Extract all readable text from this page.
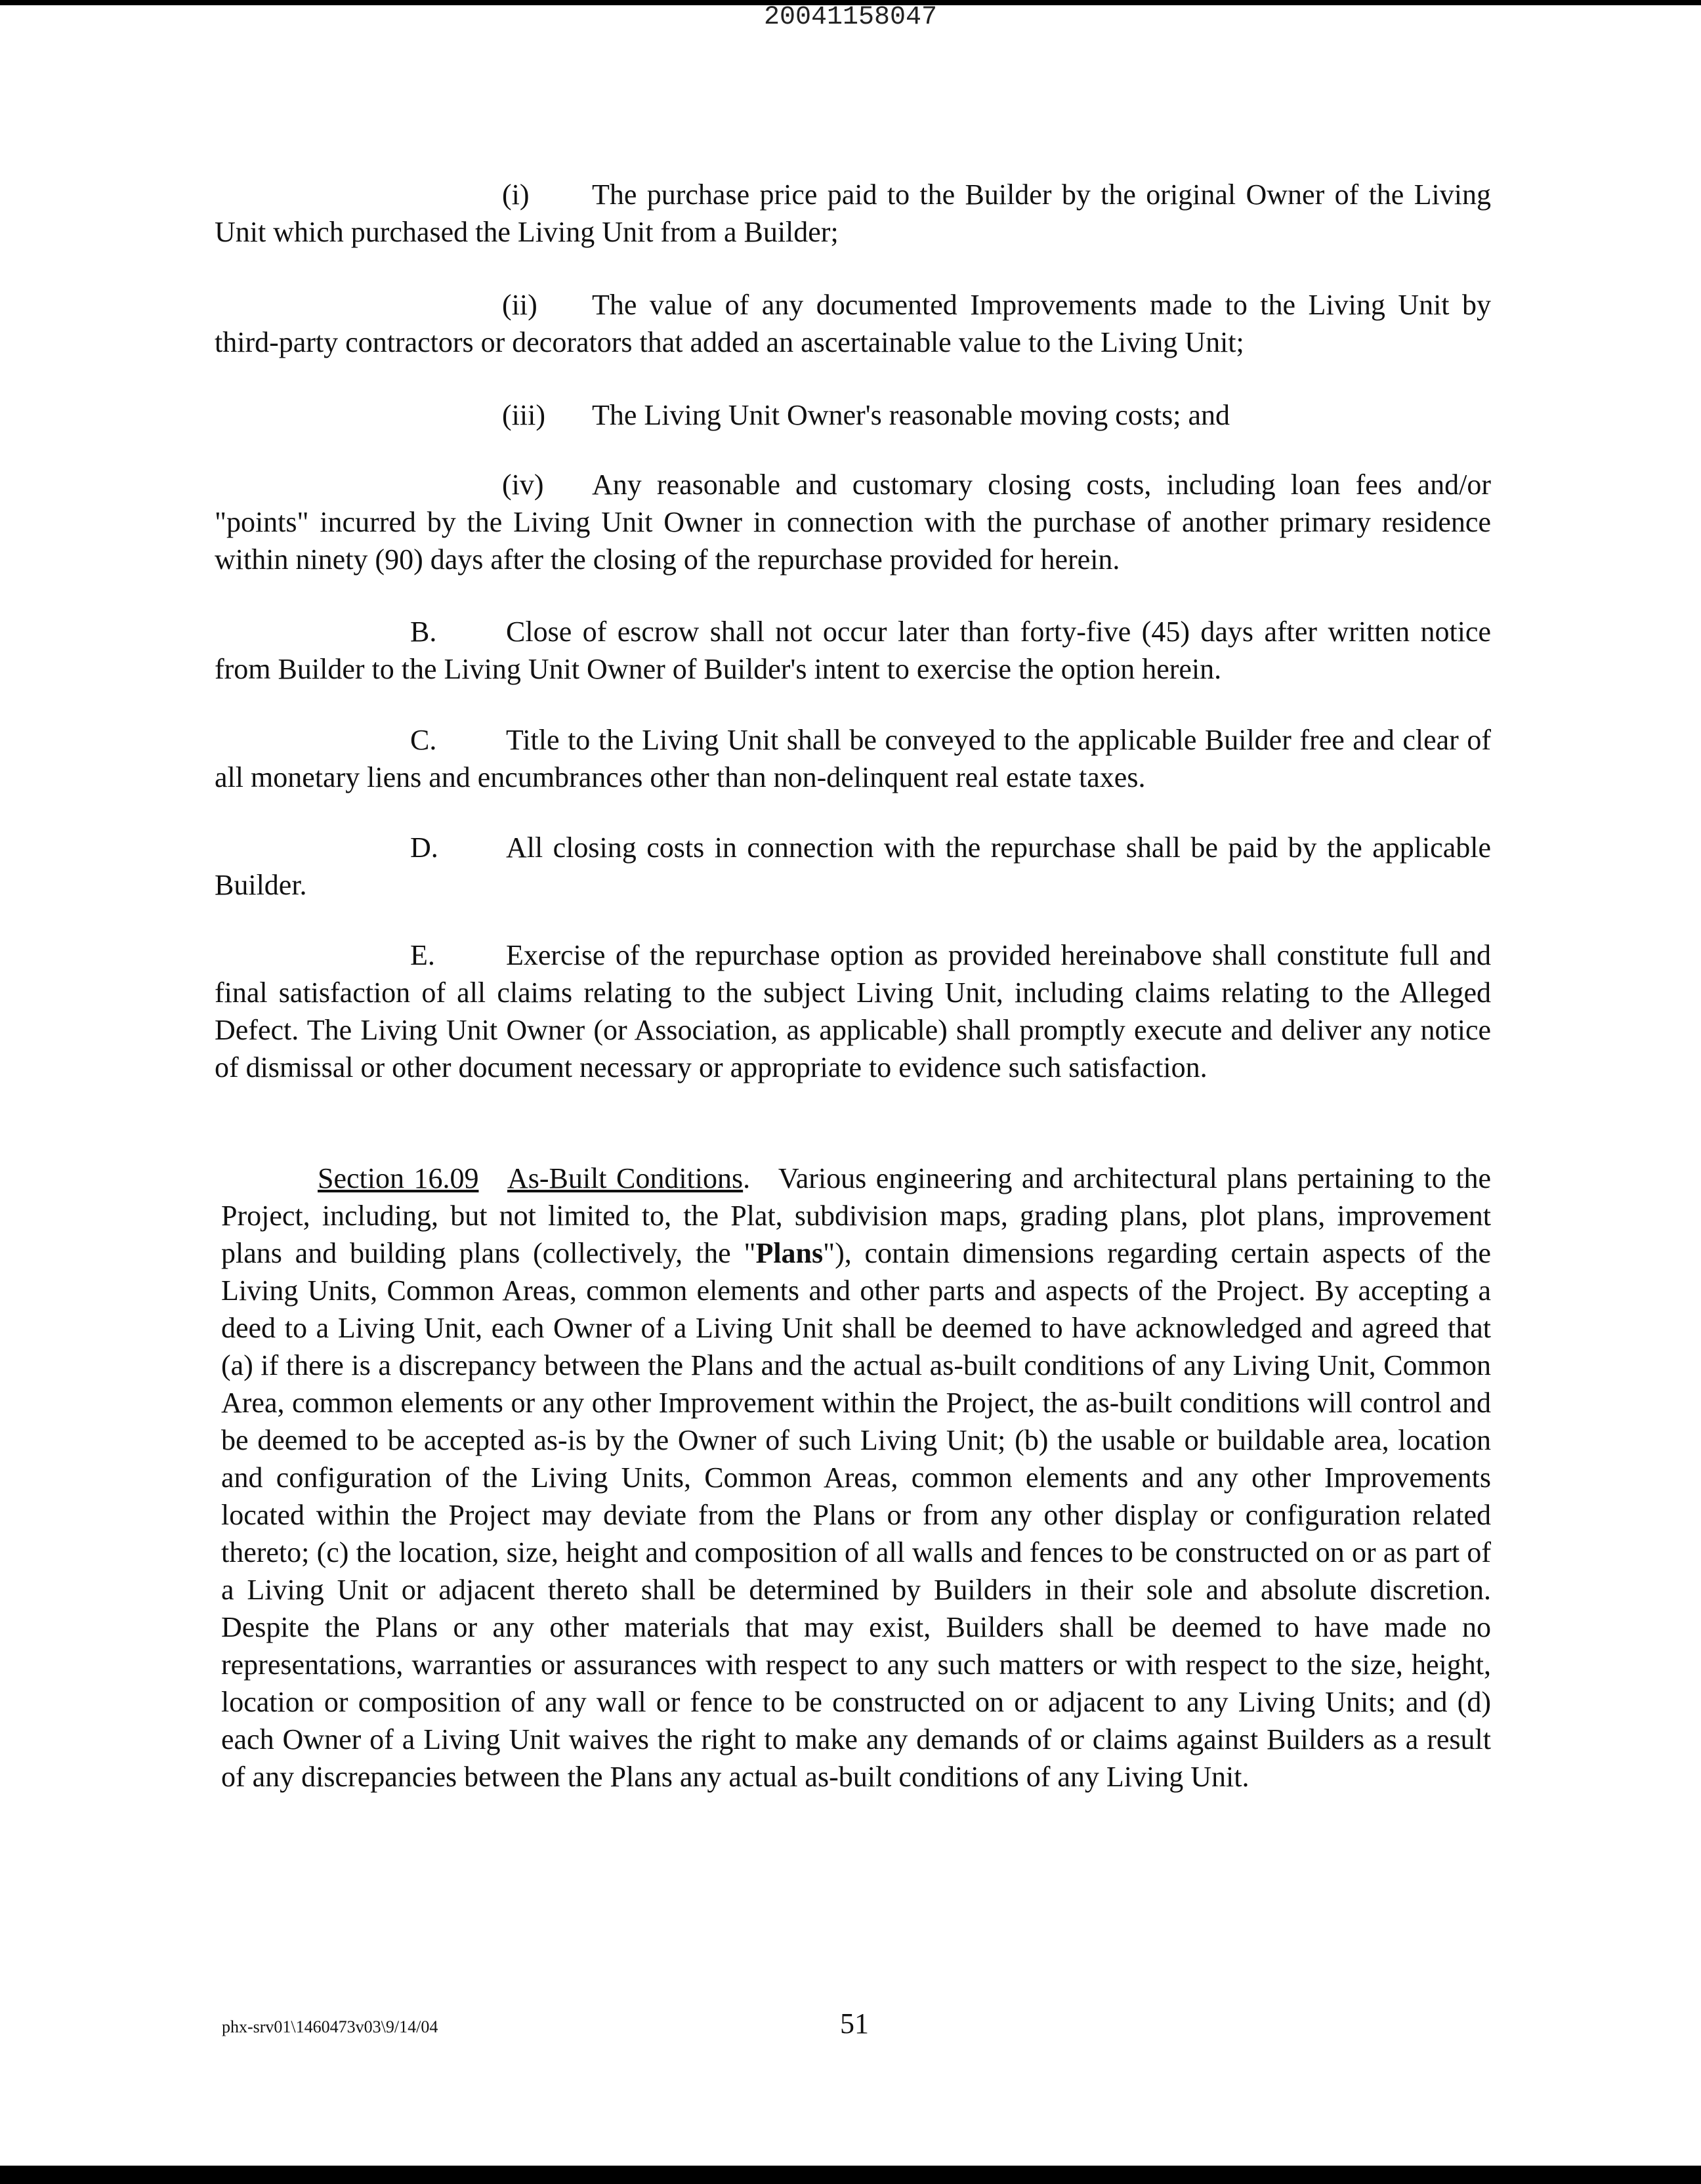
20041158047

(i) The purchase price paid to the Builder by the original Owner of the Living Unit which purchased the Living Unit from a Builder;

(ii) The value of any documented Improvements made to the Living Unit by third-party contractors or decorators that added an ascertainable value to the Living Unit;

(iii) The Living Unit Owner's reasonable moving costs; and

(iv) Any reasonable and customary closing costs, including loan fees and/or "points" incurred by the Living Unit Owner in connection with the purchase of another primary residence within ninety (90) days after the closing of the repurchase provided for herein.

B. Close of escrow shall not occur later than forty-five (45) days after written notice from Builder to the Living Unit Owner of Builder's intent to exercise the option herein.

C. Title to the Living Unit shall be conveyed to the applicable Builder free and clear of all monetary liens and encumbrances other than non-delinquent real estate taxes.

D. All closing costs in connection with the repurchase shall be paid by the applicable Builder.

E. Exercise of the repurchase option as provided hereinabove shall constitute full and final satisfaction of all claims relating to the subject Living Unit, including claims relating to the Alleged Defect. The Living Unit Owner (or Association, as applicable) shall promptly execute and deliver any notice of dismissal or other document necessary or appropriate to evidence such satisfaction.

Section 16.09 As-Built Conditions.   Various engineering and architectural plans pertaining to the Project, including, but not limited to, the Plat, subdivision maps, grading plans, plot plans, improvement plans and building plans (collectively, the "Plans"), contain dimensions regarding certain aspects of the Living Units, Common Areas, common elements and other parts and aspects of the Project. By accepting a deed to a Living Unit, each Owner of a Living Unit shall be deemed to have acknowledged and agreed that (a) if there is a discrepancy between the Plans and the actual as-built conditions of any Living Unit, Common Area, common elements or any other Improvement within the Project, the as-built conditions will control and be deemed to be accepted as-is by the Owner of such Living Unit; (b) the usable or buildable area, location and configuration of the Living Units, Common Areas, common elements and any other Improvements located within the Project may deviate from the Plans or from any other display or configuration related thereto; (c) the location, size, height and composition of all walls and fences to be constructed on or as part of a Living Unit or adjacent thereto shall be determined by Builders in their sole and absolute discretion. Despite the Plans or any other materials that may exist, Builders shall be deemed to have made no representations, warranties or assurances with respect to any such matters or with respect to the size, height, location or composition of any wall or fence to be constructed on or adjacent to any Living Units; and (d) each Owner of a Living Unit waives the right to make any demands of or claims against Builders as a result of any discrepancies between the Plans any actual as-built conditions of any Living Unit.

phx-srv01\1460473v03\9/14/04	51
